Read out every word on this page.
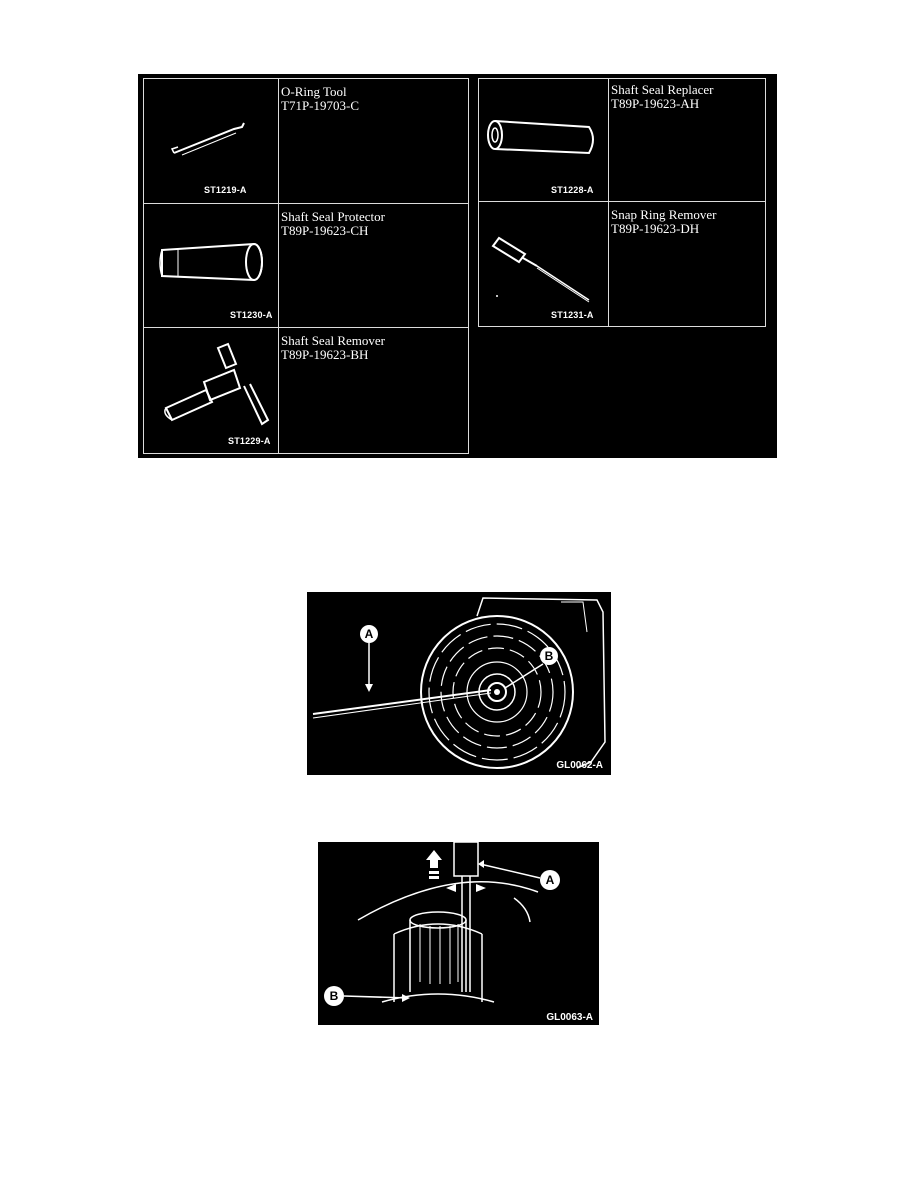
ST1219-A
O-Ring Tool
T71P-19703-C
ST1230-A
Shaft Seal Protector
T89P-19623-CH
ST1229-A
Shaft Seal Remover
T89P-19623-BH
ST1228-A
Shaft Seal Replacer
T89P-19623-AH
ST1231-A
Snap Ring Remover
T89P-19623-DH
A
B
GL0062-A
A
B
GL0063-A
